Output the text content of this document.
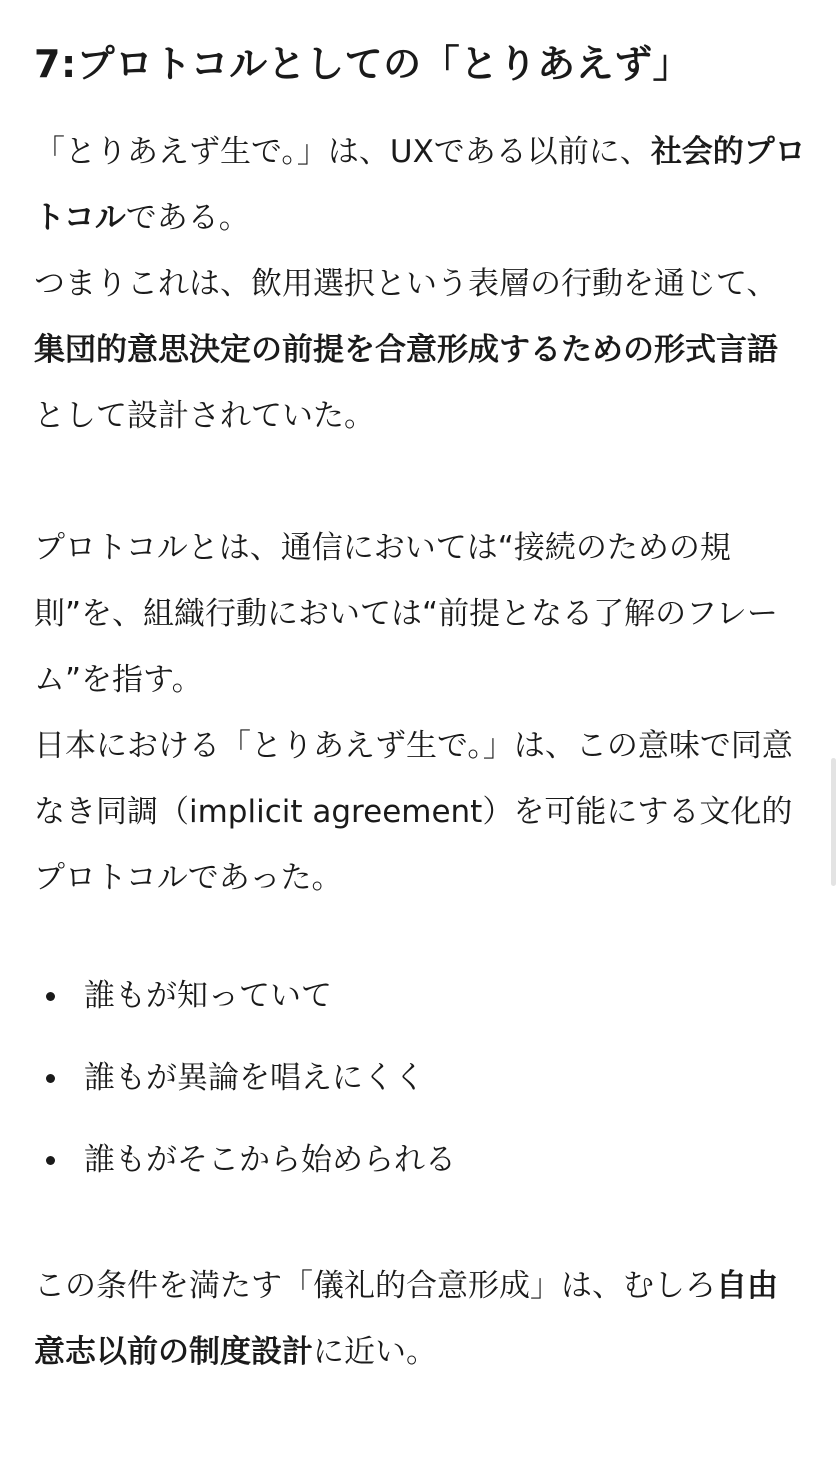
7:プロトコルとしての「とりあえず」

「とりあえず生で。」は、UXである以前に、社会的プロトコルである。
つまりこれは、飲用選択という表層の行動を通じて、集団的意思決定の前提を合意形成するための形式言語として設計されていた。

プロトコルとは、通信においては“接続のための規則”を、組織行動においては“前提となる了解のフレーム”を指す。
日本における「とりあえず生で。」は、この意味で同意なき同調（implicit agreement）を可能にする文化的プロトコルであった。

誰もが知っていて
誰もが異論を唱えにくく
誰もがそこから始められる

この条件を満たす「儀礼的合意形成」は、むしろ自由意志以前の制度設計に近い。
